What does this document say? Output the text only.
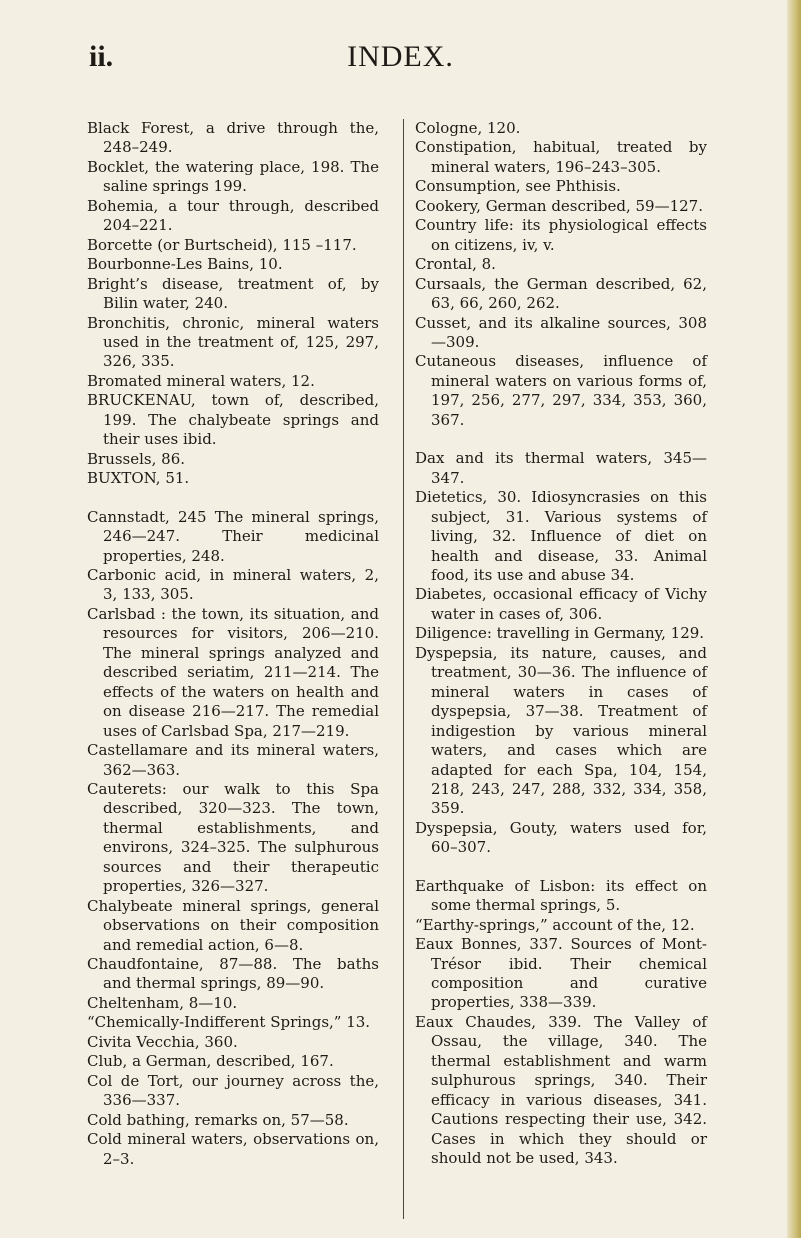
ii.	INDEX.
Black Forest, a drive through the, 248–249.
Bocklet, the watering place, 198. The saline springs 199.
Bohemia, a tour through, described 204–221.
Borcette (or Burtscheid), 115 –117.
Bourbonne-Les Bains, 10.
Bright’s disease, treatment of, by Bilin water, 240.
Bronchitis, chronic, mineral waters used in the treatment of, 125, 297, 326, 335.
Bromated mineral waters, 12.
BRUCKENAU, town of, described, 199. The chalybeate springs and their uses ibid.
Brussels, 86.
BUXTON, 51.
Cannstadt, 245 The mineral springs, 246—247. Their medicinal properties, 248.
Carbonic acid, in mineral waters, 2, 3, 133, 305.
Carlsbad : the town, its situation, and resources for visitors, 206—210. The mineral springs analyzed and described seriatim, 211—214. The effects of the waters on health and on disease 216—217. The remedial uses of Carlsbad Spa, 217—219.
Castellamare and its mineral waters, 362—363.
Cauterets: our walk to this Spa described, 320—323. The town, thermal establishments, and environs, 324–325. The sulphurous sources and their therapeutic properties, 326—327.
Chalybeate mineral springs, general observations on their composition and remedial action, 6—8.
Chaudfontaine, 87—88. The baths and thermal springs, 89—90.
Cheltenham, 8—10.
“Chemically-Indifferent Springs,” 13.
Civita Vecchia, 360.
Club, a German, described, 167.
Col de Tort, our journey across the, 336—337.
Cold bathing, remarks on, 57—58.
Cold mineral waters, observations on, 2–3.
Cologne, 120.
Constipation, habitual, treated by mineral waters, 196–243–305.
Consumption, see Phthisis.
Cookery, German described, 59—127.
Country life: its physiological effects on citizens, iv, v.
Crontal, 8.
Cursaals, the German described, 62, 63, 66, 260, 262.
Cusset, and its alkaline sources, 308 —309.
Cutaneous diseases, influence of mineral waters on various forms of, 197, 256, 277, 297, 334, 353, 360, 367.
Dax and its thermal waters, 345—347.
Dietetics, 30. Idiosyncrasies on this subject, 31. Various systems of living, 32. Influence of diet on health and disease, 33. Animal food, its use and abuse 34.
Diabetes, occasional efficacy of Vichy water in cases of, 306.
Diligence: travelling in Germany, 129.
Dyspepsia, its nature, causes, and treatment, 30—36. The influence of mineral waters in cases of dyspepsia, 37—38. Treatment of indigestion by various mineral waters, and cases which are adapted for each Spa, 104, 154, 218, 243, 247, 288, 332, 334, 358, 359.
Dyspepsia, Gouty, waters used for, 60–307.
Earthquake of Lisbon: its effect on some thermal springs, 5.
“Earthy-springs,” account of the, 12.
Eaux Bonnes, 337. Sources of Mont-Trésor ibid. Their chemical composition and curative properties, 338—339.
Eaux Chaudes, 339. The Valley of Ossau, the village, 340. The thermal establishment and warm sulphurous springs, 340. Their efficacy in various diseases, 341. Cautions respecting their use, 342. Cases in which they should or should not be used, 343.
